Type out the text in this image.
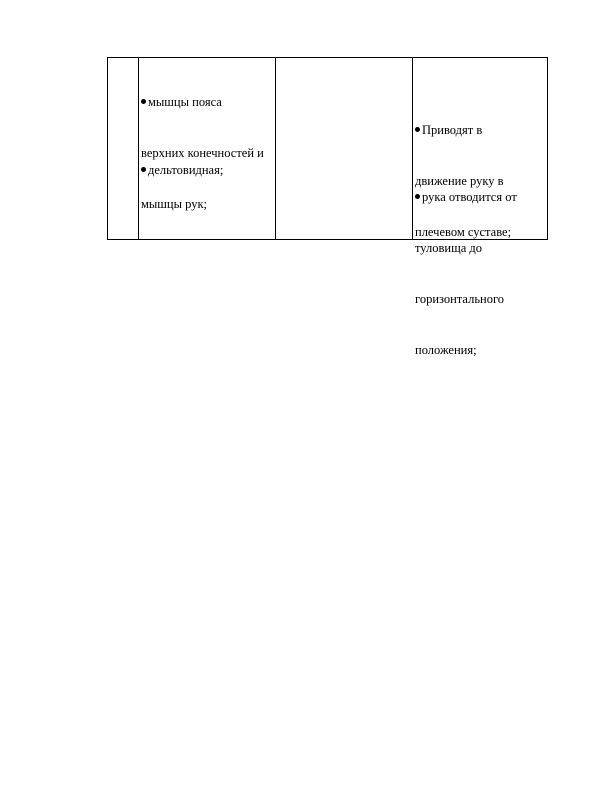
мышцы пояса

верхних конечностей и

мышцы рук;

дельтовидная;

Приводят в

движение руку в

плечевом суставе;

рука отводится от

туловища до

горизонтального

положения;
